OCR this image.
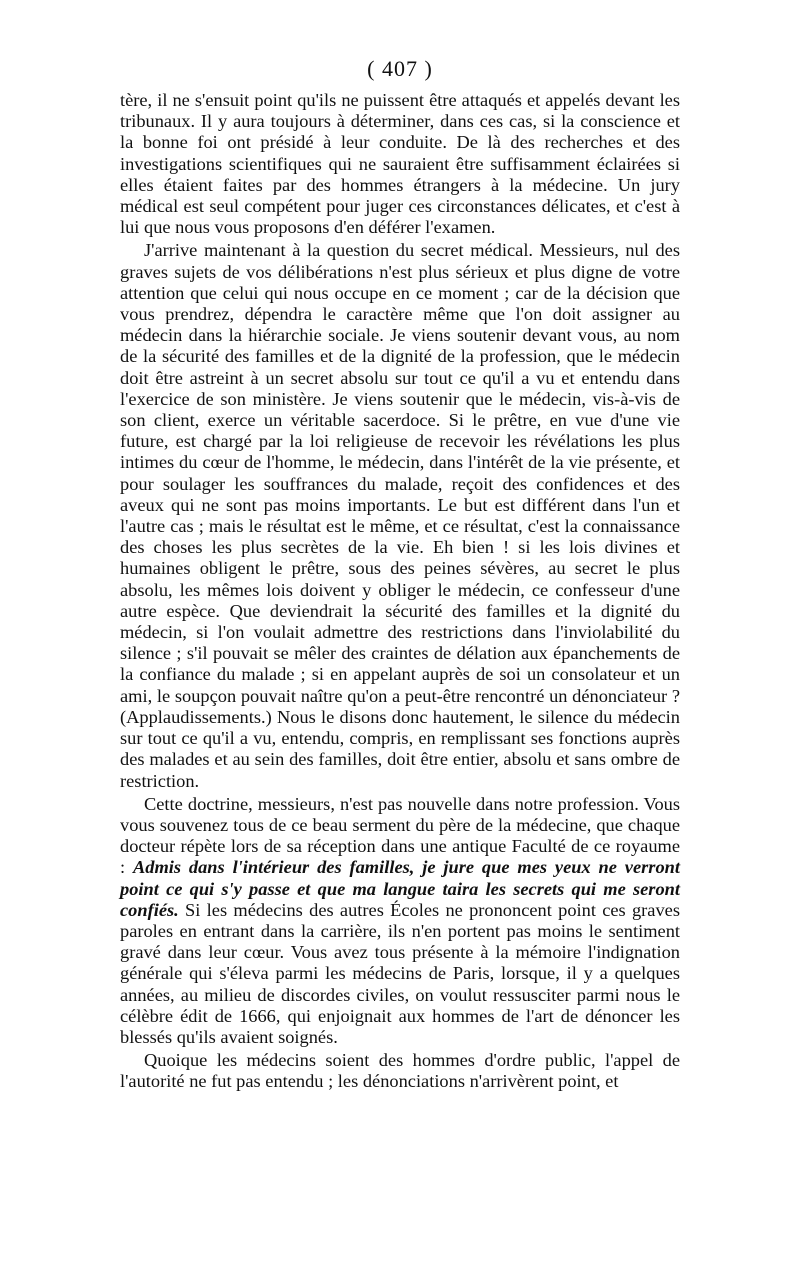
( 407 )

tère, il ne s'ensuit point qu'ils ne puissent être attaqués et appelés devant les tribunaux. Il y aura toujours à déterminer, dans ces cas, si la conscience et la bonne foi ont présidé à leur conduite. De là des recherches et des investigations scientifiques qui ne sauraient être suffisamment éclairées si elles étaient faites par des hommes étrangers à la médecine. Un jury médical est seul compétent pour juger ces circonstances délicates, et c'est à lui que nous vous proposons d'en déférer l'examen.

J'arrive maintenant à la question du secret médical. Messieurs, nul des graves sujets de vos délibérations n'est plus sérieux et plus digne de votre attention que celui qui nous occupe en ce moment ; car de la décision que vous prendrez, dépendra le caractère même que l'on doit assigner au médecin dans la hiérarchie sociale. Je viens soutenir devant vous, au nom de la sécurité des familles et de la dignité de la profession, que le médecin doit être astreint à un secret absolu sur tout ce qu'il a vu et entendu dans l'exercice de son ministère. Je viens soutenir que le médecin, vis-à-vis de son client, exerce un véritable sacerdoce. Si le prêtre, en vue d'une vie future, est chargé par la loi religieuse de recevoir les révélations les plus intimes du cœur de l'homme, le médecin, dans l'intérêt de la vie présente, et pour soulager les souffrances du malade, reçoit des confidences et des aveux qui ne sont pas moins importants. Le but est différent dans l'un et l'autre cas ; mais le résultat est le même, et ce résultat, c'est la connaissance des choses les plus secrètes de la vie. Eh bien ! si les lois divines et humaines obligent le prêtre, sous des peines sévères, au secret le plus absolu, les mêmes lois doivent y obliger le médecin, ce confesseur d'une autre espèce. Que deviendrait la sécurité des familles et la dignité du médecin, si l'on voulait admettre des restrictions dans l'inviolabilité du silence ; s'il pouvait se mêler des craintes de délation aux épanchements de la confiance du malade ; si en appelant auprès de soi un consolateur et un ami, le soupçon pouvait naître qu'on a peut-être rencontré un dénonciateur ? (Applaudissements.) Nous le disons donc hautement, le silence du médecin sur tout ce qu'il a vu, entendu, compris, en remplissant ses fonctions auprès des malades et au sein des familles, doit être entier, absolu et sans ombre de restriction.

Cette doctrine, messieurs, n'est pas nouvelle dans notre profession. Vous vous souvenez tous de ce beau serment du père de la médecine, que chaque docteur répète lors de sa réception dans une antique Faculté de ce royaume : Admis dans l'intérieur des familles, je jure que mes yeux ne verront point ce qui s'y passe et que ma langue taira les secrets qui me seront confiés. Si les médecins des autres Écoles ne prononcent point ces graves paroles en entrant dans la carrière, ils n'en portent pas moins le sentiment gravé dans leur cœur. Vous avez tous présente à la mémoire l'indignation générale qui s'éleva parmi les médecins de Paris, lorsque, il y a quelques années, au milieu de discordes civiles, on voulut ressusciter parmi nous le célèbre édit de 1666, qui enjoignait aux hommes de l'art de dénoncer les blessés qu'ils avaient soignés.

Quoique les médecins soient des hommes d'ordre public, l'appel de l'autorité ne fut pas entendu ; les dénonciations n'arrivèrent point, et
